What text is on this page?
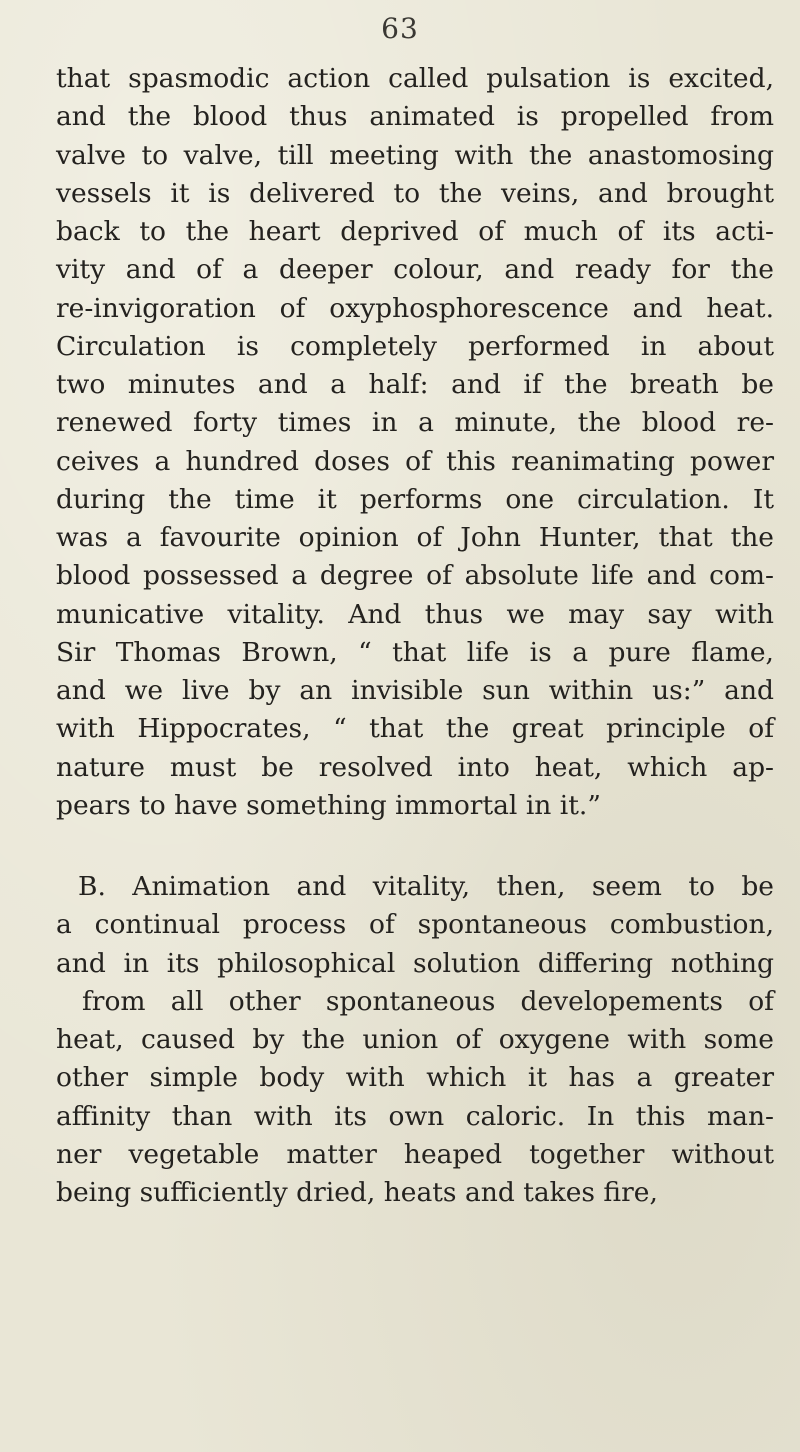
63
that spasmodic action called pulsation is excited,
and the blood thus animated is propelled from
valve to valve, till meeting with the anastomosing
vessels it is delivered to the veins, and brought
back to the heart deprived of much of its acti-
vity and of a deeper colour, and ready for the
re-invigoration of oxyphosphorescence and heat.
Circulation is completely performed in about
two minutes and a half: and if the breath be
renewed forty times in a minute, the blood re-
ceives a hundred doses of this reanimating power
during the time it performs one circulation. It
was a favourite opinion of John Hunter, that the
blood possessed a degree of absolute life and com-
municative vitality. And thus we may say with
Sir Thomas Brown, “ that life is a pure flame,
and we live by an invisible sun within us:” and
with Hippocrates, “ that the great principle of
nature must be resolved into heat, which ap-
pears to have something immortal in it.”
B. Animation and vitality, then, seem to be
a continual process of spontaneous combustion,
and in its philosophical solution differing nothing
from all other spontaneous developements of
heat, caused by the union of oxygene with some
other simple body with which it has a greater
affinity than with its own caloric. In this man-
ner vegetable matter heaped together without
being sufficiently dried, heats and takes fire,
